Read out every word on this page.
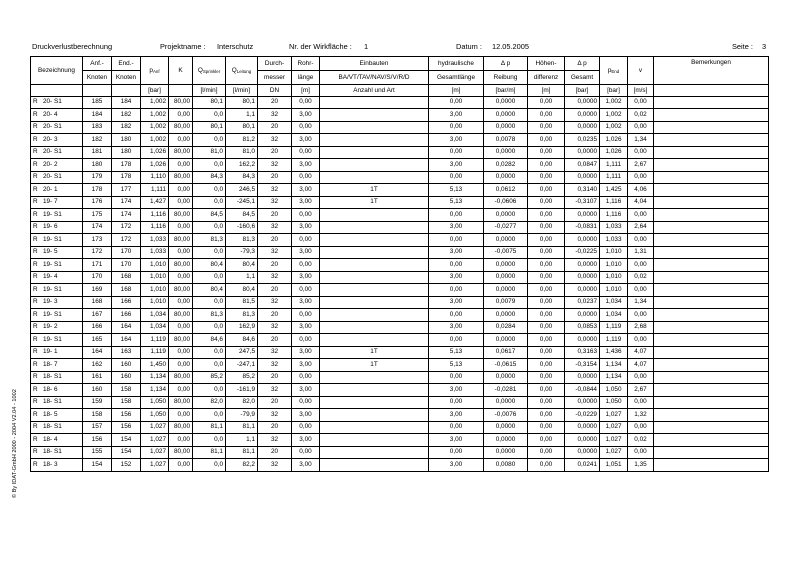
Druckverlustberechnung	Projektname : Interschutz	Nr. der Wirkfläche : 1	Datum : 12.05.2005	Seite : 3
© By IDAT-GmbH 2000 - 2004 V2.04 - 1002
Bezeichnung	Anf.-	End.-	$p_{Anf}$	K	$Q_{Sprinkler}$	$Q_{Leitung}$	Durch-	Rohr-	Einbauten	hydraulische	Δ p	Höhen-	Δ p	$p_{End}$	v	Bemerkungen
	Knoten	Knoten					messer	länge	BA/VT/TAV/NAV/S/V/R/D	Gesamtlänge	Reibung	differenz	Gesamt			
			[bar]		[l/min]	[l/min]	DN	[m]	Anzahl und Art	[m]	[bar/m]	[m]	[bar]	[bar]	[m/s]	
R 20- S1	185	184	1,002	80,00	80,1	80,1	20	0,00		0,00	0,0000	0,00	0,0000	1,002	0,00	
R 20- 4	184	182	1,002	0,00	0,0	1,1	32	3,00		3,00	0,0000	0,00	0,0000	1,002	0,02	
R 20- S1	183	182	1,002	80,00	80,1	80,1	20	0,00		0,00	0,0000	0,00	0,0000	1,002	0,00	
R 20- 3	182	180	1,002	0,00	0,0	81,2	32	3,00		3,00	0,0078	0,00	0,0235	1,026	1,34	
R 20- S1	181	180	1,026	80,00	81,0	81,0	20	0,00		0,00	0,0000	0,00	0,0000	1,026	0,00	
R 20- 2	180	178	1,026	0,00	0,0	162,2	32	3,00		3,00	0,0282	0,00	0,0847	1,111	2,67	
R 20- S1	179	178	1,110	80,00	84,3	84,3	20	0,00		0,00	0,0000	0,00	0,0000	1,111	0,00	
R 20- 1	178	177	1,111	0,00	0,0	246,5	32	3,00	1T	5,13	0,0612	0,00	0,3140	1,425	4,06	
R 19- 7	176	174	1,427	0,00	0,0	-245,1	32	3,00	1T	5,13	-0,0606	0,00	-0,3107	1,116	4,04	
R 19- S1	175	174	1,116	80,00	84,5	84,5	20	0,00		0,00	0,0000	0,00	0,0000	1,116	0,00	
R 19- 6	174	172	1,116	0,00	0,0	-160,6	32	3,00		3,00	-0,0277	0,00	-0,0831	1,033	2,64	
R 19- S1	173	172	1,033	80,00	81,3	81,3	20	0,00		0,00	0,0000	0,00	0,0000	1,033	0,00	
R 19- 5	172	170	1,033	0,00	0,0	-79,3	32	3,00		3,00	-0,0075	0,00	-0,0225	1,010	1,31	
R 19- S1	171	170	1,010	80,00	80,4	80,4	20	0,00		0,00	0,0000	0,00	0,0000	1,010	0,00	
R 19- 4	170	168	1,010	0,00	0,0	1,1	32	3,00		3,00	0,0000	0,00	0,0000	1,010	0,02	
R 19- S1	169	168	1,010	80,00	80,4	80,4	20	0,00		0,00	0,0000	0,00	0,0000	1,010	0,00	
R 19- 3	168	166	1,010	0,00	0,0	81,5	32	3,00		3,00	0,0079	0,00	0,0237	1,034	1,34	
R 19- S1	167	166	1,034	80,00	81,3	81,3	20	0,00		0,00	0,0000	0,00	0,0000	1,034	0,00	
R 19- 2	166	164	1,034	0,00	0,0	162,9	32	3,00		3,00	0,0284	0,00	0,0853	1,119	2,68	
R 19- S1	165	164	1,119	80,00	84,6	84,6	20	0,00		0,00	0,0000	0,00	0,0000	1,119	0,00	
R 19- 1	164	163	1,119	0,00	0,0	247,5	32	3,00	1T	5,13	0,0617	0,00	0,3163	1,436	4,07	
R 18- 7	162	160	1,450	0,00	0,0	-247,1	32	3,00	1T	5,13	-0,0615	0,00	-0,3154	1,134	4,07	
R 18- S1	161	160	1,134	80,00	85,2	85,2	20	0,00		0,00	0,0000	0,00	0,0000	1,134	0,00	
R 18- 6	160	158	1,134	0,00	0,0	-161,9	32	3,00		3,00	-0,0281	0,00	-0,0844	1,050	2,67	
R 18- S1	159	158	1,050	80,00	82,0	82,0	20	0,00		0,00	0,0000	0,00	0,0000	1,050	0,00	
R 18- 5	158	156	1,050	0,00	0,0	-79,9	32	3,00		3,00	-0,0076	0,00	-0,0229	1,027	1,32	
R 18- S1	157	156	1,027	80,00	81,1	81,1	20	0,00		0,00	0,0000	0,00	0,0000	1,027	0,00	
R 18- 4	156	154	1,027	0,00	0,0	1,1	32	3,00		3,00	0,0000	0,00	0,0000	1,027	0,02	
R 18- S1	155	154	1,027	80,00	81,1	81,1	20	0,00		0,00	0,0000	0,00	0,0000	1,027	0,00	
R 18- 3	154	152	1,027	0,00	0,0	82,2	32	3,00		3,00	0,0080	0,00	0,0241	1,051	1,35	
